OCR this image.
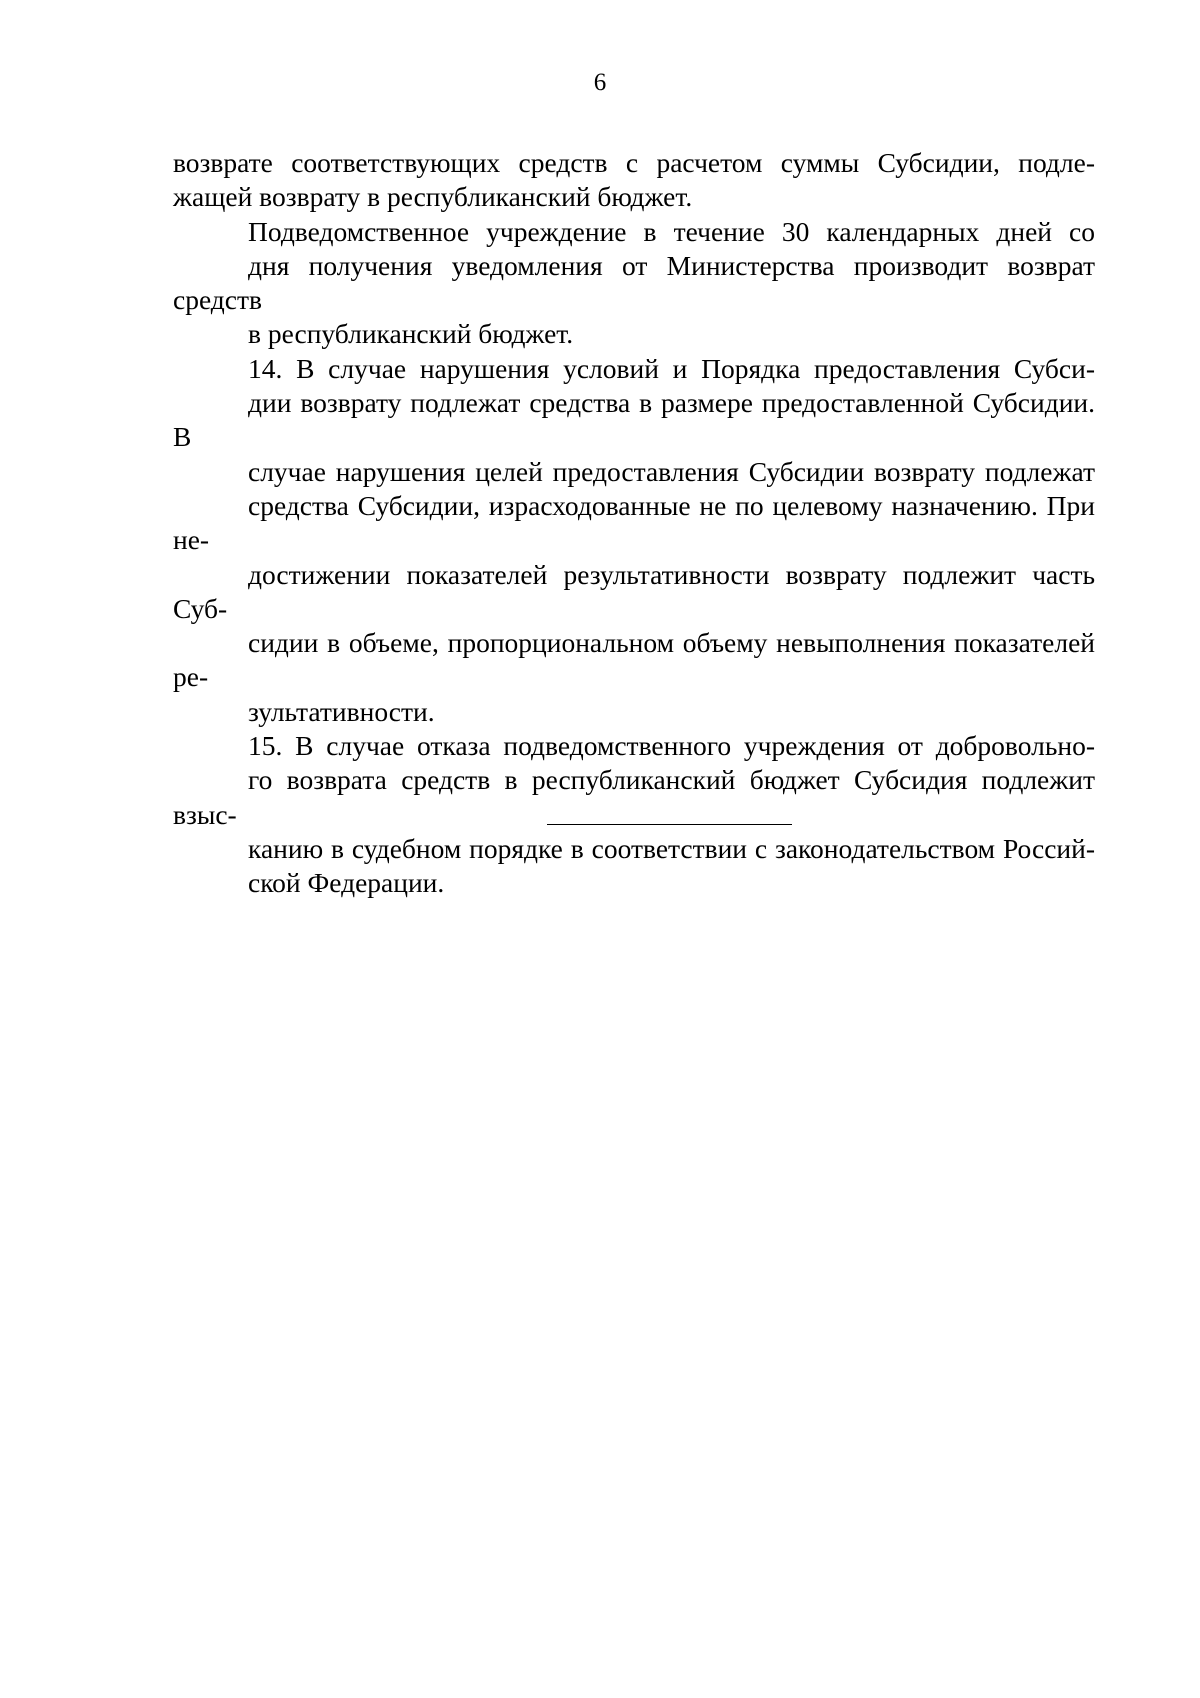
6

возврате соответствующих средств с расчетом суммы Субсидии, подле-
жащей возврату в республиканский бюджет.

Подведомственное учреждение в течение 30 календарных дней со
дня получения уведомления от Министерства производит возврат средств
в республиканский бюджет.

14. В случае нарушения условий и Порядка предоставления Субси-
дии возврату подлежат средства в размере предоставленной Субсидии. В
случае нарушения целей предоставления Субсидии возврату подлежат
средства Субсидии, израсходованные не по целевому назначению. При не-
достижении показателей результативности возврату подлежит часть Суб-
сидии в объеме, пропорциональном объему невыполнения показателей ре-
зультативности.

15. В случае отказа подведомственного учреждения от добровольно-
го возврата средств в республиканский бюджет Субсидия подлежит взыс-
канию в судебном порядке в соответствии с законодательством Россий-
ской Федерации.
